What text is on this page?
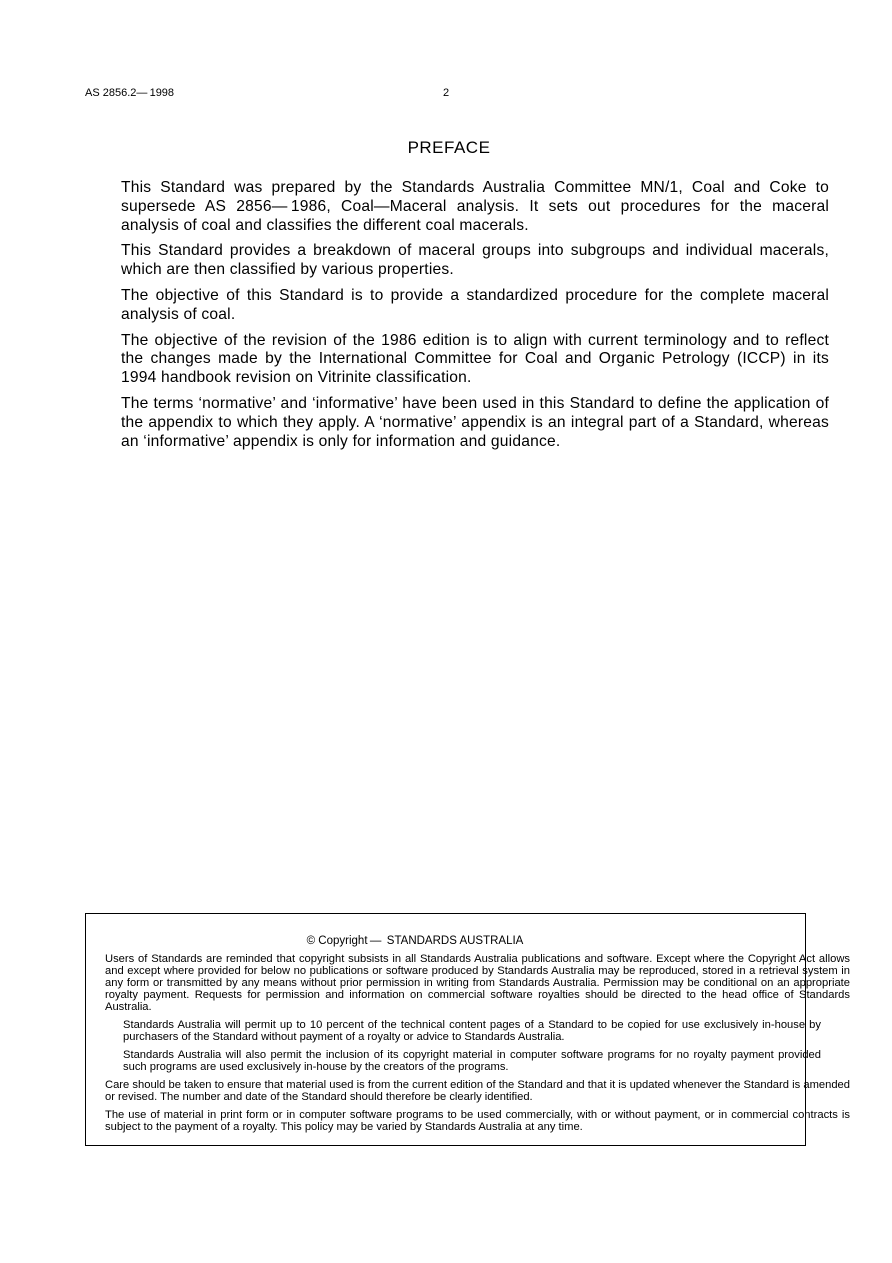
AS 2856.2— 1998	2
PREFACE

This Standard was prepared by the Standards Australia Committee MN/1, Coal and Coke to supersede AS 2856— 1986, Coal—Maceral analysis. It sets out procedures for the maceral analysis of coal and classifies the different coal macerals.

This Standard provides a breakdown of maceral groups into subgroups and individual macerals, which are then classified by various properties.

The objective of this Standard is to provide a standardized procedure for the complete maceral analysis of coal.

The objective of the revision of the 1986 edition is to align with current terminology and to reflect the changes made by the International Committee for Coal and Organic Petrology (ICCP) in its 1994 handbook revision on Vitrinite classification.

The terms ‘normative’ and ‘informative’ have been used in this Standard to define the application of the appendix to which they apply. A ‘normative’ appendix is an integral part of a Standard, whereas an ‘informative’ appendix is only for information and guidance.

© Copyright —  STANDARDS AUSTRALIA

Users of Standards are reminded that copyright subsists in all Standards Australia publications and software. Except where the Copyright Act allows and except where provided for below no publications or software produced by Standards Australia may be reproduced, stored in a retrieval system in any form or transmitted by any means without prior permission in writing from Standards Australia. Permission may be conditional on an appropriate royalty payment. Requests for permission and information on commercial software royalties should be directed to the head office of Standards Australia.

Standards Australia will permit up to 10 percent of the technical content pages of a Standard to be copied for use exclusively in-house by purchasers of the Standard without payment of a royalty or advice to Standards Australia.

Standards Australia will also permit the inclusion of its copyright material in computer software programs for no royalty payment provided such programs are used exclusively in-house by the creators of the programs.

Care should be taken to ensure that material used is from the current edition of the Standard and that it is updated whenever the Standard is amended or revised. The number and date of the Standard should therefore be clearly identified.

The use of material in print form or in computer software programs to be used commercially, with or without payment, or in commercial contracts is subject to the payment of a royalty. This policy may be varied by Standards Australia at any time.
